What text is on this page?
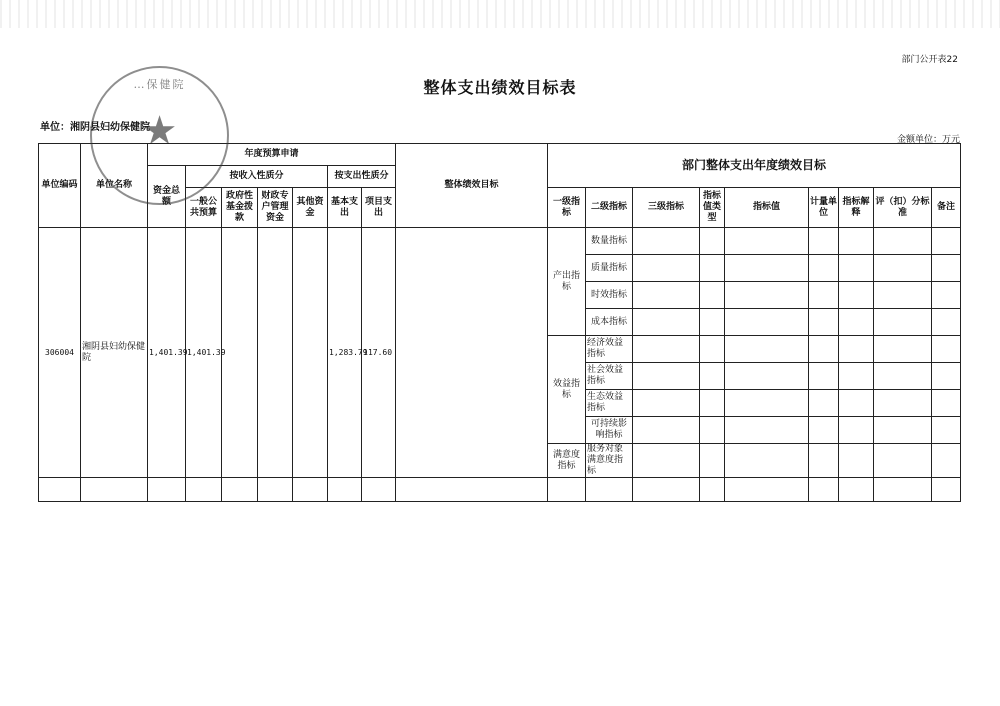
部门公开表22
整体支出绩效目标表
单位：湘阴县妇幼保健院
金额单位：万元
单位编码	单位名称	年度预算申请							整体绩效目标	部门整体支出年度绩效目标								
		资金总额	按收入性质分				按支出性质分											
			一般公共预算	政府性基金拨款	财政专户管理资金	其他资金	基本支出	项目支出		一级指标	二级指标	三级指标	指标值类型	指标值	计量单位	指标解释	评（扣）分标准	备注
306004	湘阴县妇幼保健院	1,401.39	1,401.39				1,283.79	117.60		产出指标	数量指标							
											质量指标							
											时效指标							
											成本指标							
										效益指标	经济效益指标							
											社会效益指标							
											生态效益指标							
											可持续影响指标							
										满意度指标	服务对象满意度指标							

…保健院
★
